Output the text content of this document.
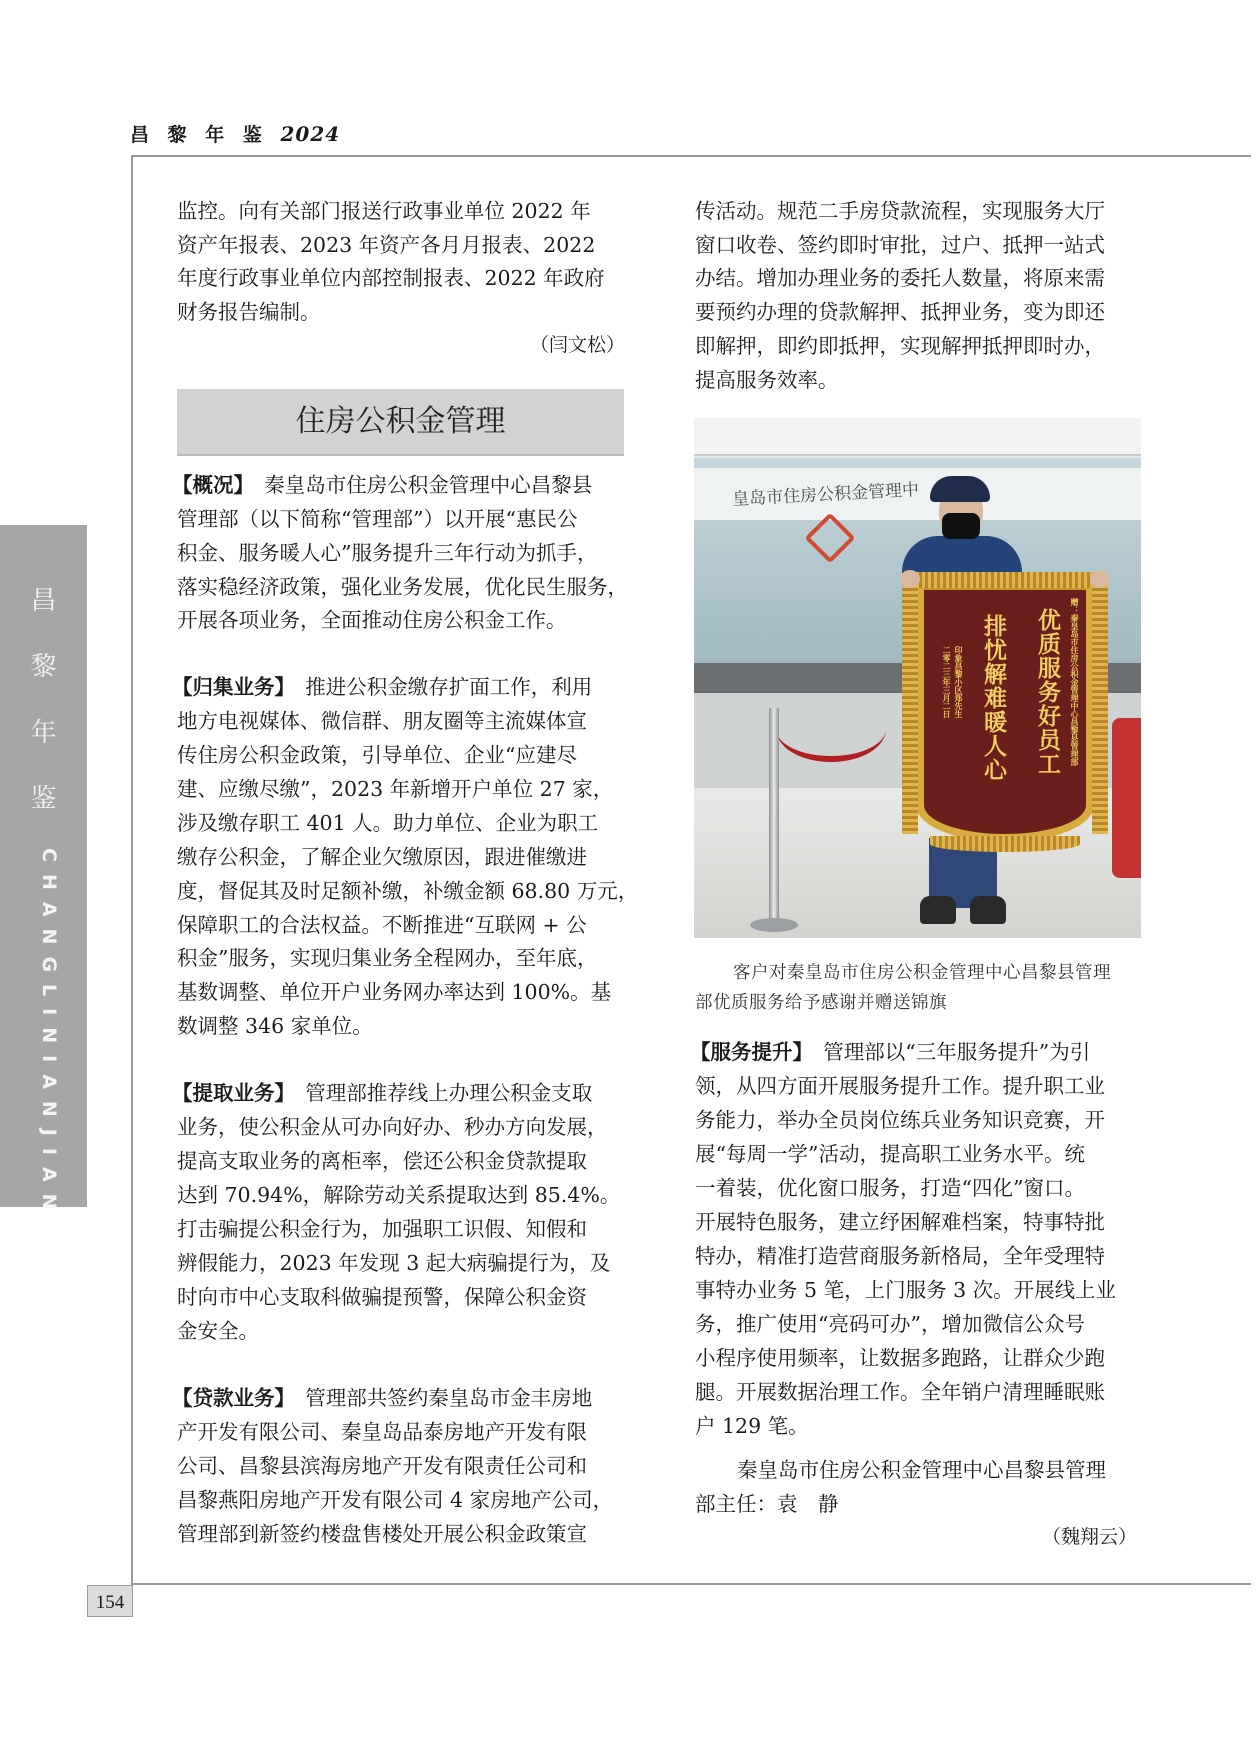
昌 黎 年 鉴 2024
昌
黎
年
鉴
CHANGLINIANJIAN
监控。向有关部门报送行政事业单位 2022 年
资产年报表、2023 年资产各月月报表、2022
年度行政事业单位内部控制报表、2022 年政府
财务报告编制。
（闫文松）
住房公积金管理
【概况】　 秦皇岛市住房公积金管理中心昌黎县
管理部（以下简称“管理部”）以开展“惠民公
积金、服务暖人心”服务提升三年行动为抓手，
落实稳经济政策，强化业务发展，优化民生服务，
开展各项业务，全面推动住房公积金工作。
【归集业务】　 推进公积金缴存扩面工作，利用
地方电视媒体、微信群、朋友圈等主流媒体宣
传住房公积金政策，引导单位、企业“应建尽
建、应缴尽缴”，2023 年新增开户单位 27 家，
涉及缴存职工 401 人。助力单位、企业为职工
缴存公积金，了解企业欠缴原因，跟进催缴进
度，督促其及时足额补缴，补缴金额 68.80 万元，
保障职工的合法权益。不断推进“互联网 + 公
积金”服务，实现归集业务全程网办，至年底，
基数调整、单位开户业务网办率达到 100%。基
数调整 346 家单位。
【提取业务】　 管理部推荐线上办理公积金支取
业务，使公积金从可办向好办、秒办方向发展，
提高支取业务的离柜率，偿还公积金贷款提取
达到 70.94%，解除劳动关系提取达到 85.4%。
打击骗提公积金行为，加强职工识假、知假和
辨假能力，2023 年发现 3 起大病骗提行为，及
时向市中心支取科做骗提预警，保障公积金资
金安全。
【贷款业务】　 管理部共签约秦皇岛市金丰房地
产开发有限公司、秦皇岛品泰房地产开发有限
公司、昌黎县滨海房地产开发有限责任公司和
昌黎燕阳房地产开发有限公司 4 家房地产公司，
管理部到新签约楼盘售楼处开展公积金政策宣
传活动。规范二手房贷款流程，实现服务大厅
窗口收卷、签约即时审批，过户、抵押一站式
办结。增加办理业务的委托人数量，将原来需
要预约办理的贷款解押、抵押业务，变为即还
即解押，即约即抵押，实现解押抵押即时办，
提高服务效率。
皇岛市住房公积金管理中
赠：秦皇岛市住房公积金管理中心昌黎县管理部
优质服务好员工
排忧解难暖人心
印象昌黎小区郑先生
二零二三年三月二日
客户对秦皇岛市住房公积金管理中心昌黎县管理
部优质服务给予感谢并赠送锦旗
【服务提升】　 管理部以“三年服务提升”为引
领，从四方面开展服务提升工作。提升职工业
务能力，举办全员岗位练兵业务知识竞赛，开
展“每周一学”活动，提高职工业务水平。统
一着装，优化窗口服务，打造“四化”窗口。
开展特色服务，建立纾困解难档案，特事特批
特办，精准打造营商服务新格局，全年受理特
事特办业务 5 笔，上门服务 3 次。开展线上业
务，推广使用“亮码可办”，增加微信公众号
小程序使用频率，让数据多跑路，让群众少跑
腿。开展数据治理工作。全年销户清理睡眠账
户 129 笔。
秦皇岛市住房公积金管理中心昌黎县管理
部主任：袁　静
（魏翔云）
154
